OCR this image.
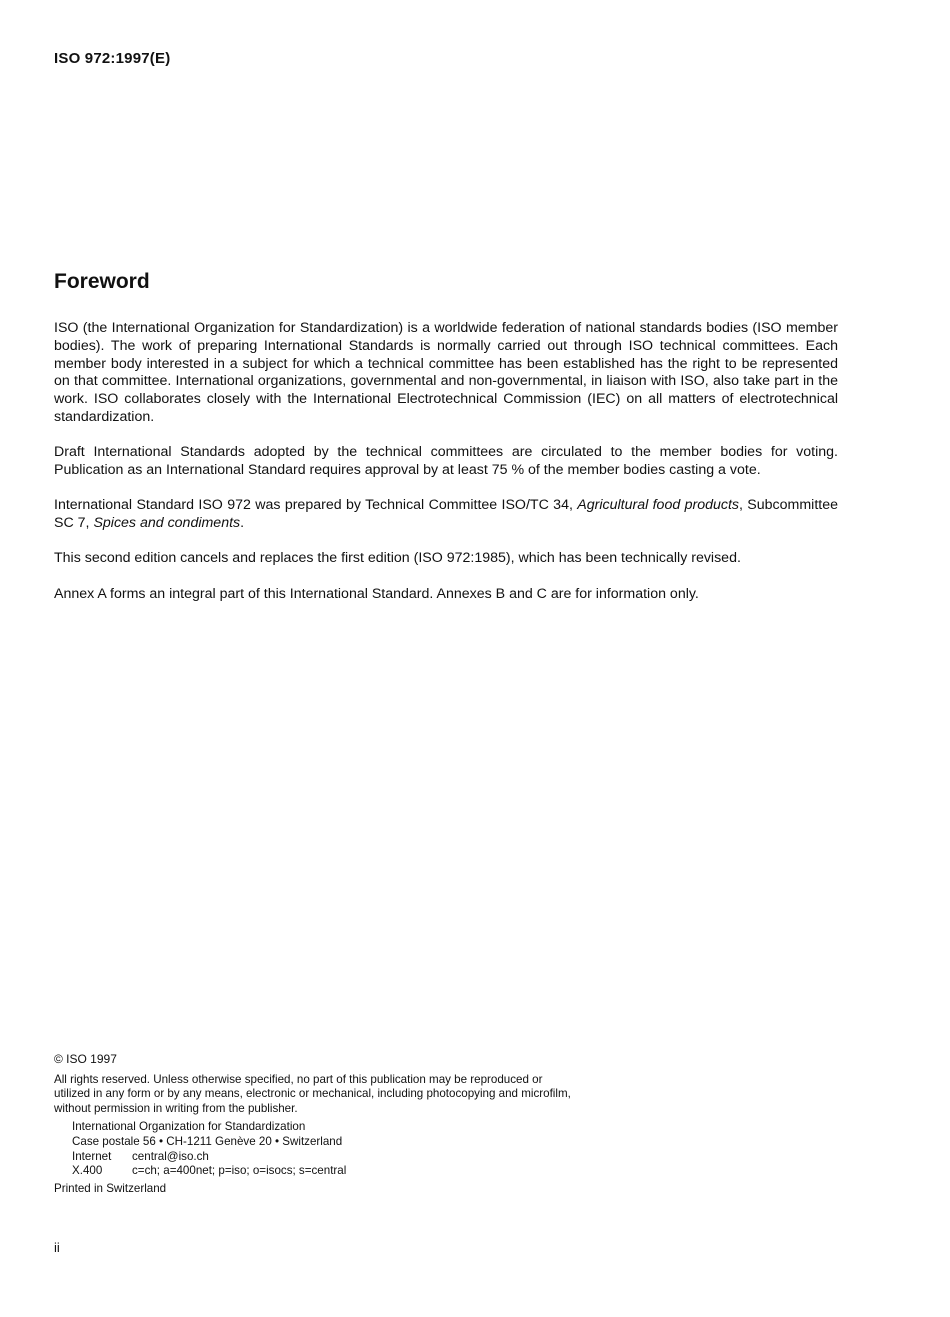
ISO 972:1997(E)
Foreword

ISO (the International Organization for Standardization) is a worldwide federation of national standards bodies (ISO member bodies). The work of preparing International Standards is normally carried out through ISO technical committees. Each member body interested in a subject for which a technical committee has been established has the right to be represented on that committee. International organizations, governmental and non-governmental, in liaison with ISO, also take part in the work. ISO collaborates closely with the International Electrotechnical Commission (IEC) on all matters of electrotechnical standardization.

Draft International Standards adopted by the technical committees are circulated to the member bodies for voting. Publication as an International Standard requires approval by at least 75 % of the member bodies casting a vote.

International Standard ISO 972 was prepared by Technical Committee ISO/TC 34, Agricultural food products, Subcommittee SC 7, Spices and condiments.

This second edition cancels and replaces the first edition (ISO 972:1985), which has been technically revised.

Annex A forms an integral part of this International Standard. Annexes B and C are for information only.

© ISO 1997
All rights reserved. Unless otherwise specified, no part of this publication may be reproduced or utilized in any form or by any means, electronic or mechanical, including photocopying and microfilm, without permission in writing from the publisher.
International Organization for Standardization
Case postale 56 • CH-1211 Genève 20 • Switzerland
Internet	central@iso.ch
X.400	c=ch; a=400net; p=iso; o=isocs; s=central
Printed in Switzerland
ii
